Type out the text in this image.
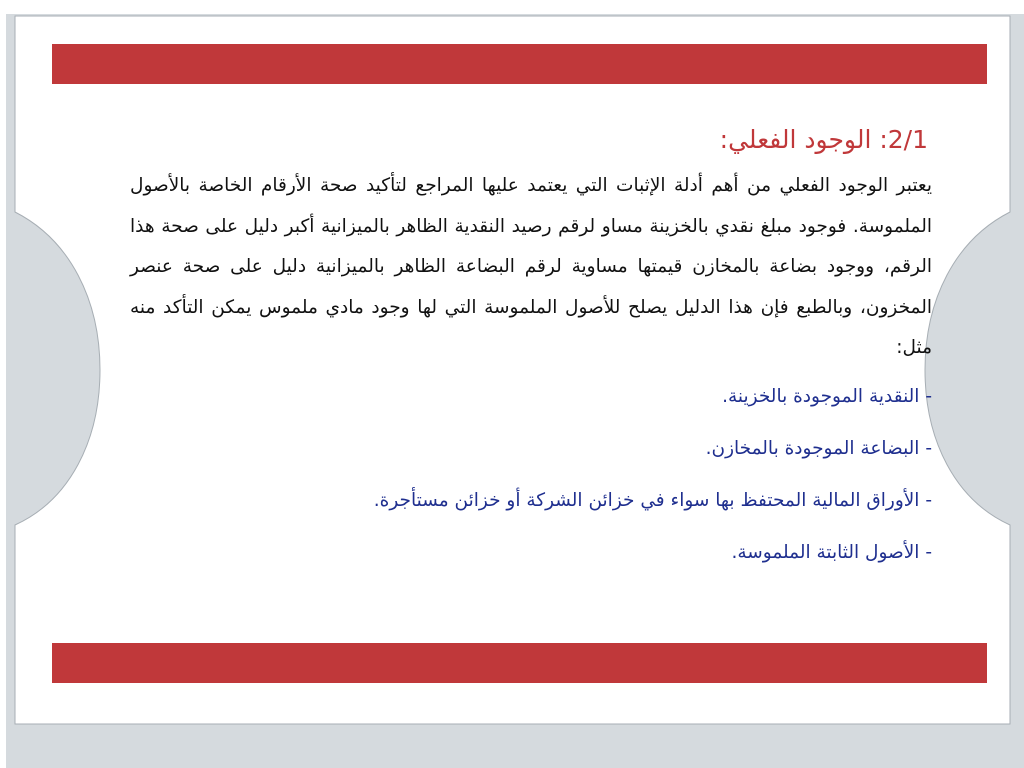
2/1: الوجود الفعلي:

يعتبر الوجود الفعلي من أهم أدلة الإثبات التي يعتمد عليها المراجع لتأكيد صحة الأرقام الخاصة بالأصول الملموسة. فوجود مبلغ نقدي بالخزينة مساو لرقم رصيد النقدية الظاهر بالميزانية أكبر دليل على صحة هذا الرقم، ووجود بضاعة بالمخازن قيمتها مساوية لرقم البضاعة الظاهر بالميزانية دليل على صحة عنصر المخزون، وبالطبع فإن هذا الدليل يصلح للأصول الملموسة التي لها وجود مادي ملموس يمكن التأكد منه مثل:

- النقدية الموجودة بالخزينة.
- البضاعة الموجودة بالمخازن.
- الأوراق المالية المحتفظ بها سواء في خزائن الشركة أو خزائن مستأجرة.
- الأصول الثابتة الملموسة.
